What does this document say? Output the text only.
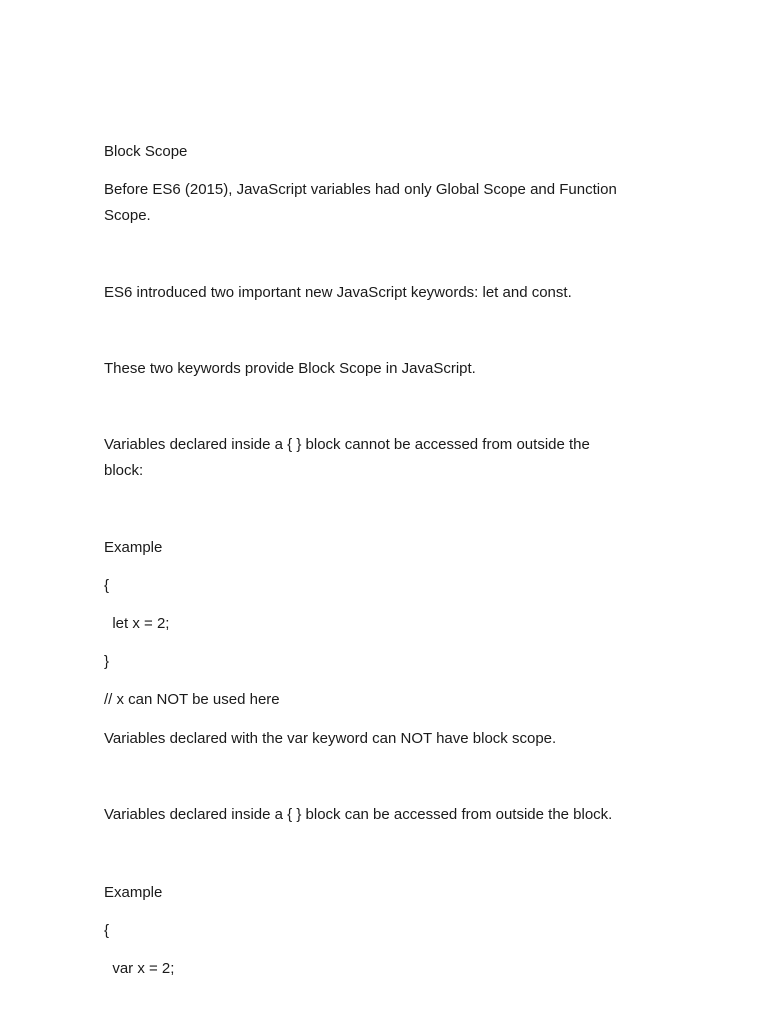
Block Scope
Before ES6 (2015), JavaScript variables had only Global Scope and Function
Scope.
ES6 introduced two important new JavaScript keywords: let and const.
These two keywords provide Block Scope in JavaScript.
Variables declared inside a { } block cannot be accessed from outside the
block:
Example
{
let x = 2;
}
// x can NOT be used here
Variables declared with the var keyword can NOT have block scope.
Variables declared inside a { } block can be accessed from outside the block.
Example
{
var x = 2;
